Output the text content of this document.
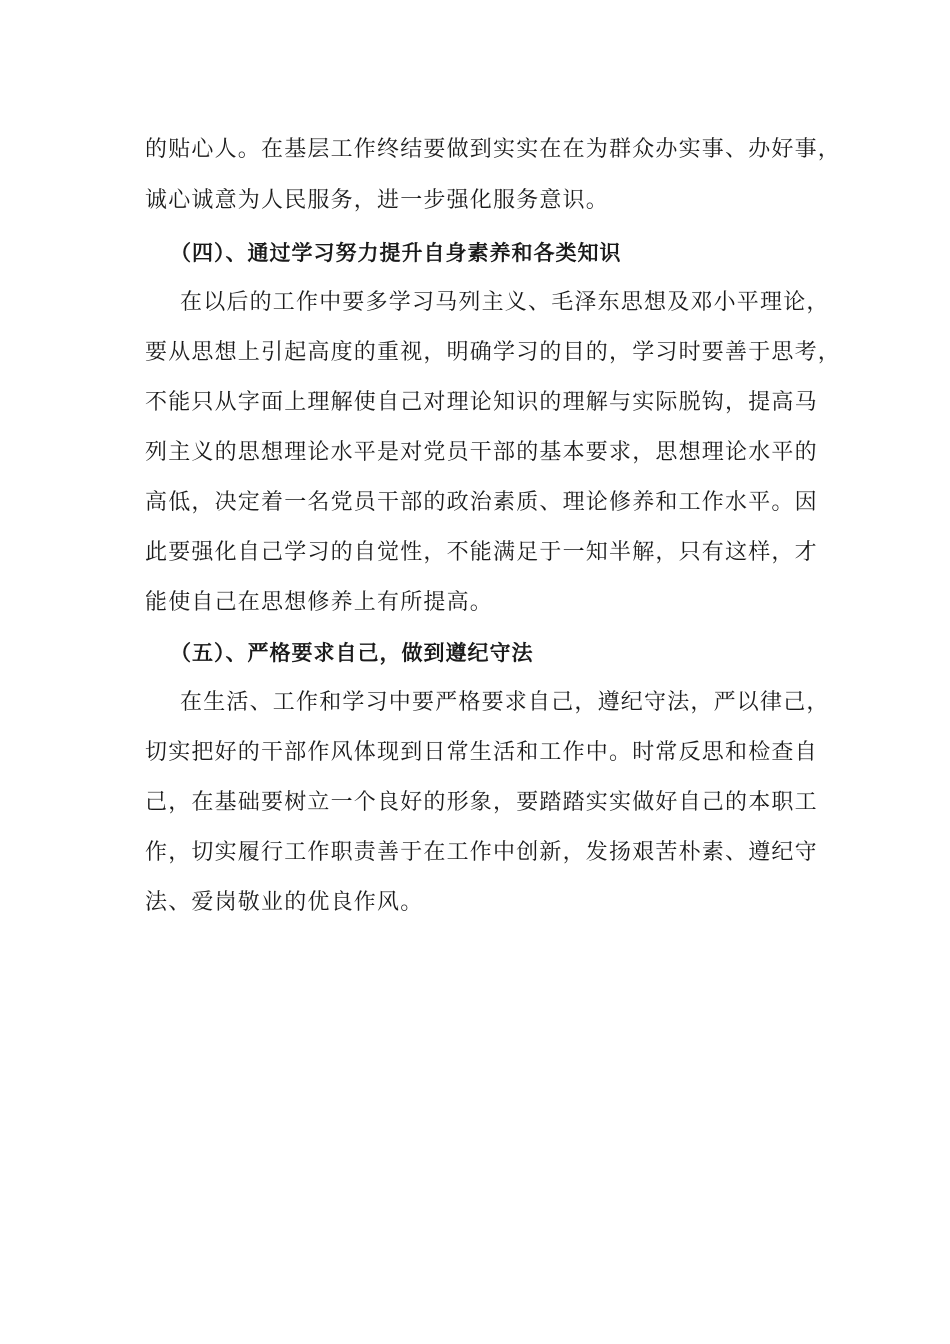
的贴心人。在基层工作终结要做到实实在在为群众办实事、办好事，
诚心诚意为人民服务，进一步强化服务意识。
（四）、通过学习努力提升自身素养和各类知识
在以后的工作中要多学习马列主义、毛泽东思想及邓小平理论，
要从思想上引起高度的重视，明确学习的目的，学习时要善于思考，
不能只从字面上理解使自己对理论知识的理解与实际脱钩，提高马
列主义的思想理论水平是对党员干部的基本要求，思想理论水平的
高低，决定着一名党员干部的政治素质、理论修养和工作水平。因
此要强化自己学习的自觉性，不能满足于一知半解，只有这样，才
能使自己在思想修养上有所提高。
（五）、严格要求自己，做到遵纪守法
在生活、工作和学习中要严格要求自己，遵纪守法，严以律己，
切实把好的干部作风体现到日常生活和工作中。时常反思和检查自
己，在基础要树立一个良好的形象，要踏踏实实做好自己的本职工
作，切实履行工作职责善于在工作中创新，发扬艰苦朴素、遵纪守
法、爱岗敬业的优良作风。
